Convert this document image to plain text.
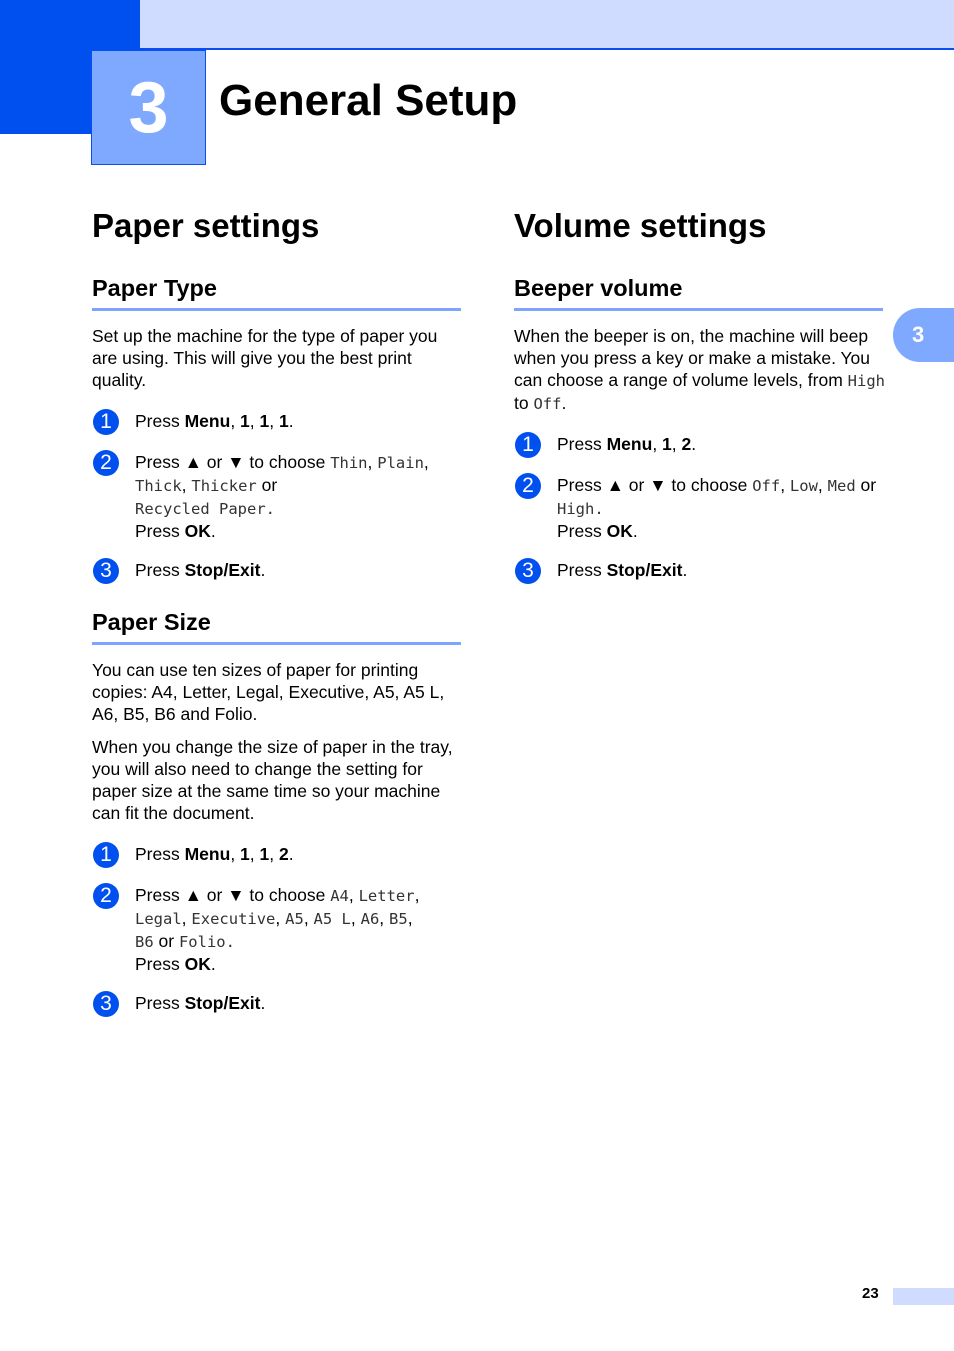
3	General Setup
Paper settings
Paper Type

Set up the machine for the type of paper you are using. This will give you the best print quality.

1	Press Menu, 1, 1, 1.
2	Press ▲ or ▼ to choose Thin, Plain,
Thick, Thicker or
Recycled Paper.
Press OK.
3	Press Stop/Exit.
Paper Size

You can use ten sizes of paper for printing copies: A4, Letter, Legal, Executive, A5, A5 L, A6, B5, B6 and Folio.

When you change the size of paper in the tray, you will also need to change the setting for paper size at the same time so your machine can fit the document.

1	Press Menu, 1, 1, 2.
2	Press ▲ or ▼ to choose A4, Letter,
Legal, Executive, A5, A5 L, A6, B5,
B6 or Folio.
Press OK.
3	Press Stop/Exit.
Volume settings
Beeper volume

When the beeper is on, the machine will beep when you press a key or make a mistake. You can choose a range of volume levels, from High to Off.

1	Press Menu, 1, 2.
2	Press ▲ or ▼ to choose Off, Low, Med or
High.
Press OK.
3	Press Stop/Exit.
3
23
